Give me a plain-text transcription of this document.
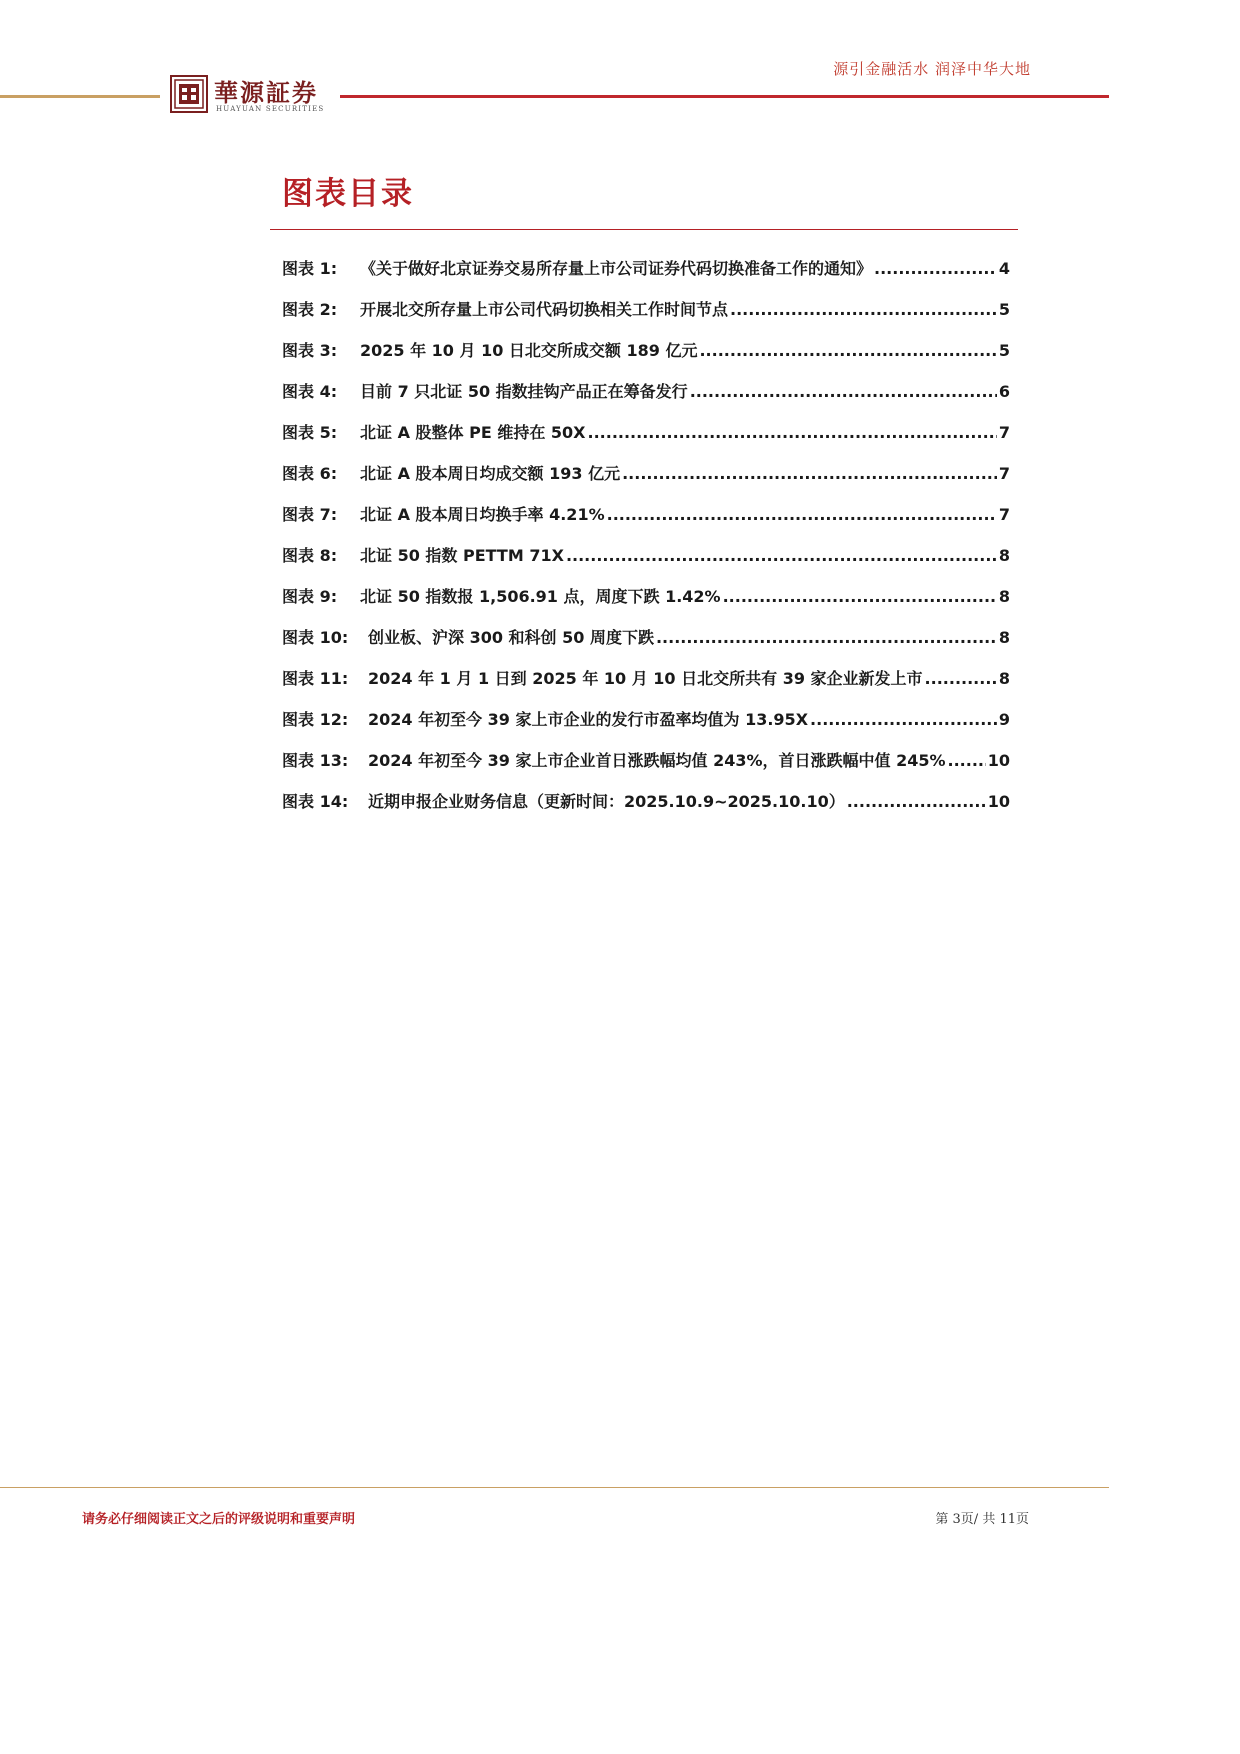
源引金融活水 润泽中华大地
華源証券
HUAYUAN SECURITIES
图表目录
图表 1:	《关于做好北京证券交易所存量上市公司证券代码切换准备工作的通知》 .....	4
图表 2:	开展北交所存量上市公司代码切换相关工作时间节点 .....	5
图表 3:	2025 年 10 月 10 日北交所成交额 189 亿元 .....	5
图表 4:	目前 7 只北证 50 指数挂钩产品正在筹备发行 .....	6
图表 5:	北证 A 股整体 PE 维持在 50X .....	7
图表 6:	北证 A 股本周日均成交额 193 亿元 .....	7
图表 7:	北证 A 股本周日均换手率 4.21% .....	7
图表 8:	北证 50 指数 PETTM 71X .....	8
图表 9:	北证 50 指数报 1,506.91 点，周度下跌 1.42% .....	8
图表 10:	创业板、沪深 300 和科创 50 周度下跌 .....	8
图表 11:	2024 年 1 月 1 日到 2025 年 10 月 10 日北交所共有 39 家企业新发上市 .....	8
图表 12:	2024 年初至今 39 家上市企业的发行市盈率均值为 13.95X .....	9
图表 13:	2024 年初至今 39 家上市企业首日涨跌幅均值 243%，首日涨跌幅中值 245% .....	10
图表 14:	近期申报企业财务信息（更新时间：2025.10.9~2025.10.10） .....	10
请务必仔细阅读正文之后的评级说明和重要声明	第 3页/ 共 11页
